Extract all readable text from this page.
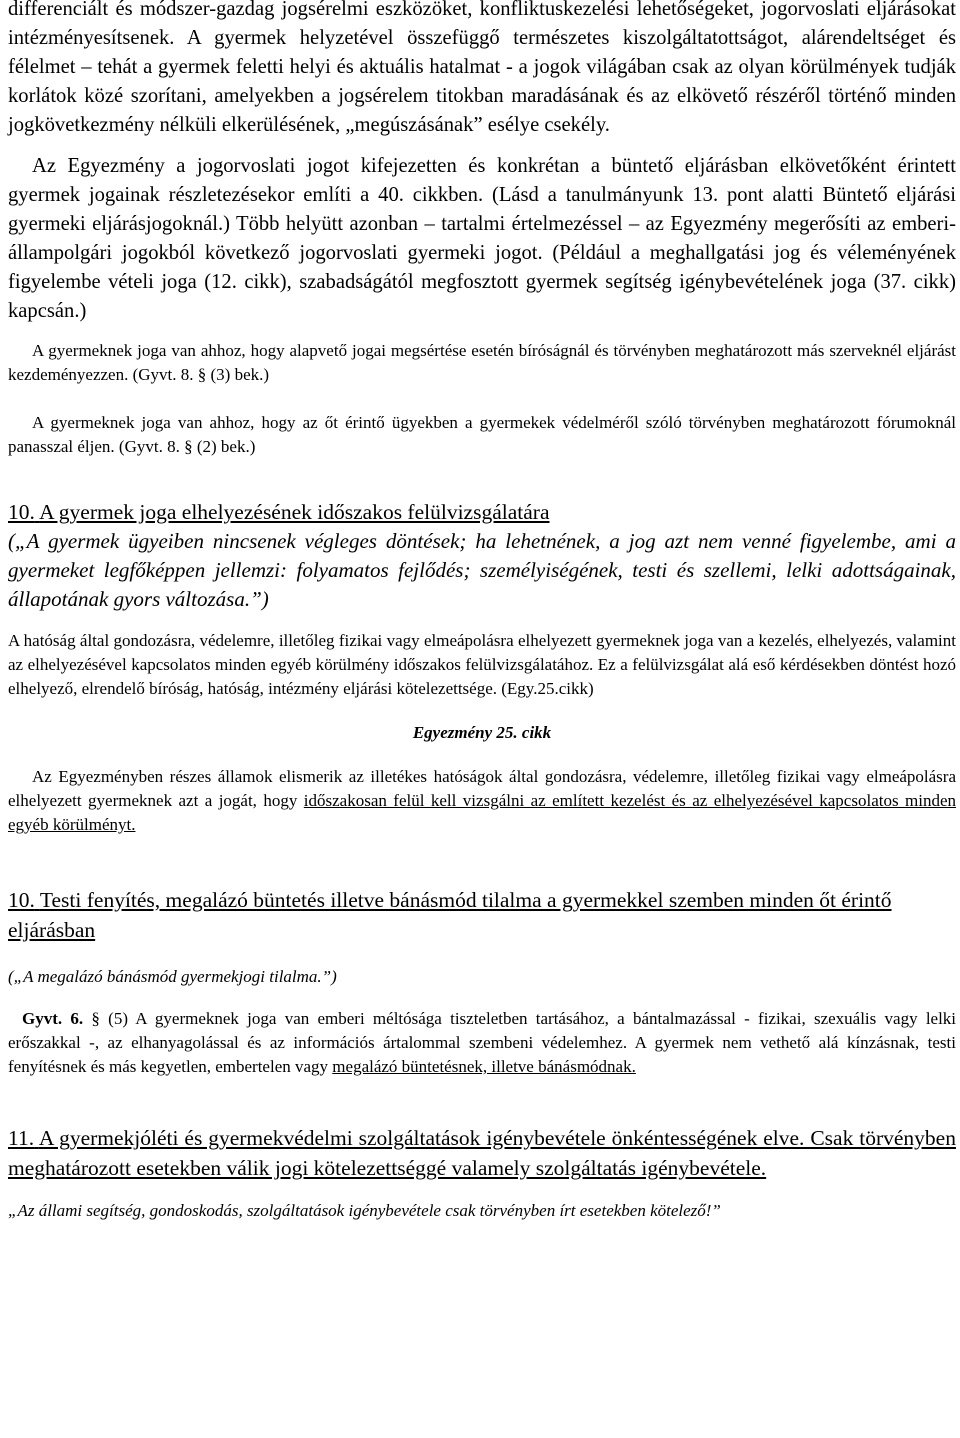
differenciált és módszer-gazdag jogsérelmi eszközöket, konfliktuskezelési lehetőségeket, jogorvoslati eljárásokat intézményesítsenek. A gyermek helyzetével összefüggő természetes kiszolgáltatottságot, alárendeltséget és félelmet – tehát a gyermek feletti helyi és aktuális hatalmat - a jogok világában csak az olyan körülmények tudják korlátok közé szorítani, amelyekben a jogsérelem titokban maradásának és az elkövető részéről történő minden jogkövetkezmény nélküli elkerülésének, „megúszásának” esélye csekély.

Az Egyezmény a jogorvoslati jogot kifejezetten és konkrétan a büntető eljárásban elkövetőként érintett gyermek jogainak részletezésekor említi a 40. cikkben. (Lásd a tanulmányunk 13. pont alatti Büntető eljárási gyermeki eljárásjogoknál.) Több helyütt azonban – tartalmi értelmezéssel – az Egyezmény megerősíti az emberi-állampolgári jogokból következő jogorvoslati gyermeki jogot. (Például a meghallgatási jog és véleményének figyelembe vételi joga (12. cikk), szabadságától megfosztott gyermek segítség igénybevételének joga (37. cikk) kapcsán.)

A gyermeknek joga van ahhoz, hogy alapvető jogai megsértése esetén bíróságnál és törvényben meghatározott más szerveknél eljárást kezdeményezzen. (Gyvt. 8. § (3) bek.)

A gyermeknek joga van ahhoz, hogy az őt érintő ügyekben a gyermekek védelméről szóló törvényben meghatározott fórumoknál panasszal éljen. (Gyvt. 8. § (2) bek.)

10. A gyermek joga elhelyezésének időszakos felülvizsgálatára

(„A gyermek ügyeiben nincsenek végleges döntések; ha lehetnének, a jog azt nem venné figyelembe, ami a gyermeket legfőképpen jellemzi: folyamatos fejlődés; személyiségének, testi és szellemi, lelki adottságainak, állapotának gyors változása.”)

A hatóság által gondozásra, védelemre, illetőleg fizikai vagy elmeápolásra elhelyezett gyermeknek joga van a kezelés, elhelyezés, valamint az elhelyezésével kapcsolatos minden egyéb körülmény időszakos felülvizsgálatához. Ez a felülvizsgálat alá eső kérdésekben döntést hozó elhelyező, elrendelő bíróság, hatóság, intézmény eljárási kötelezettsége. (Egy.25.cikk)

Egyezmény 25. cikk

Az Egyezményben részes államok elismerik az illetékes hatóságok által gondozásra, védelemre, illetőleg fizikai vagy elmeápolásra elhelyezett gyermeknek azt a jogát, hogy időszakosan felül kell vizsgálni az említett kezelést és az elhelyezésével kapcsolatos minden egyéb körülményt.

10. Testi fenyítés, megalázó büntetés illetve bánásmód tilalma a gyermekkel szemben minden őt érintő eljárásban

(„A megalázó bánásmód gyermekjogi tilalma.”)

Gyvt. 6. § (5) A gyermeknek joga van emberi méltósága tiszteletben tartásához, a bántalmazással - fizikai, szexuális vagy lelki erőszakkal -, az elhanyagolással és az információs ártalommal szembeni védelemhez. A gyermek nem vethető alá kínzásnak, testi fenyítésnek és más kegyetlen, embertelen vagy megalázó büntetésnek, illetve bánásmódnak.

11. A gyermekjóléti és gyermekvédelmi szolgáltatások igénybevétele önkéntességének elve. Csak törvényben meghatározott esetekben válik jogi kötelezettséggé valamely szolgáltatás igénybevétele.

„Az állami segítség, gondoskodás, szolgáltatások igénybevétele csak törvényben írt esetekben kötelező!”
